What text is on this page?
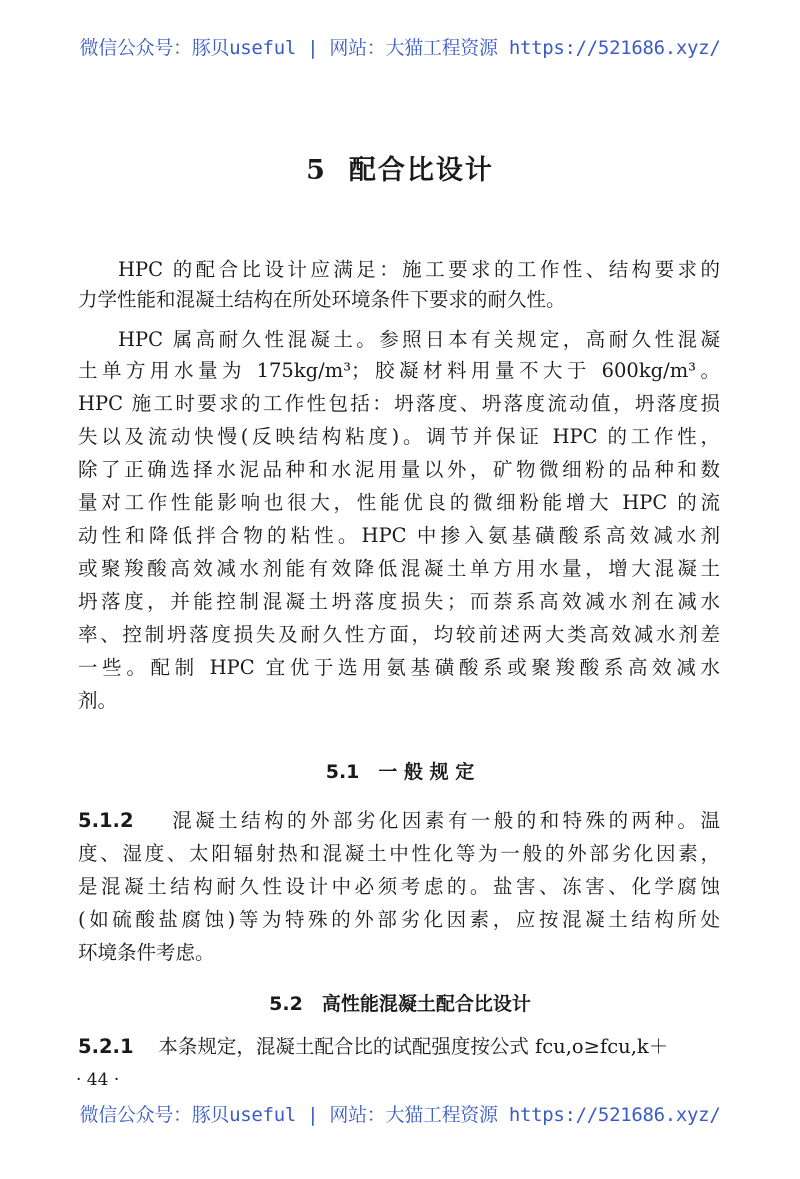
微信公众号：豚贝useful | 网站：大猫工程资源 https://521686.xyz/
5 配合比设计
HPC 的配合比设计应满足：施工要求的工作性、结构要求的
力学性能和混凝土结构在所处环境条件下要求的耐久性。
HPC 属高耐久性混凝土。参照日本有关规定，高耐久性混凝
土单方用水量为 175kg/m³；胶凝材料用量不大于 600kg/m³。
HPC 施工时要求的工作性包括：坍落度、坍落度流动值，坍落度损
失以及流动快慢(反映结构粘度)。调节并保证 HPC 的工作性，
除了正确选择水泥品种和水泥用量以外，矿物微细粉的品种和数
量对工作性能影响也很大，性能优良的微细粉能增大 HPC 的流
动性和降低拌合物的粘性。HPC 中掺入氨基磺酸系高效减水剂
或聚羧酸高效减水剂能有效降低混凝土单方用水量，增大混凝土
坍落度，并能控制混凝土坍落度损失；而萘系高效减水剂在减水
率、控制坍落度损失及耐久性方面，均较前述两大类高效减水剂差
一些。配制 HPC 宜优于选用氨基磺酸系或聚羧酸系高效减水
剂。
5.1　一 般 规 定
5.1.2 混凝土结构的外部劣化因素有一般的和特殊的两种。温
度、湿度、太阳辐射热和混凝土中性化等为一般的外部劣化因素，
是混凝土结构耐久性设计中必须考虑的。盐害、冻害、化学腐蚀
(如硫酸盐腐蚀)等为特殊的外部劣化因素，应按混凝土结构所处
环境条件考虑。
5.2　高性能混凝土配合比设计
5.2.1 本条规定，混凝土配合比的试配强度按公式 fcu,o≥fcu,k＋
· 44 ·
微信公众号：豚贝useful | 网站：大猫工程资源 https://521686.xyz/
